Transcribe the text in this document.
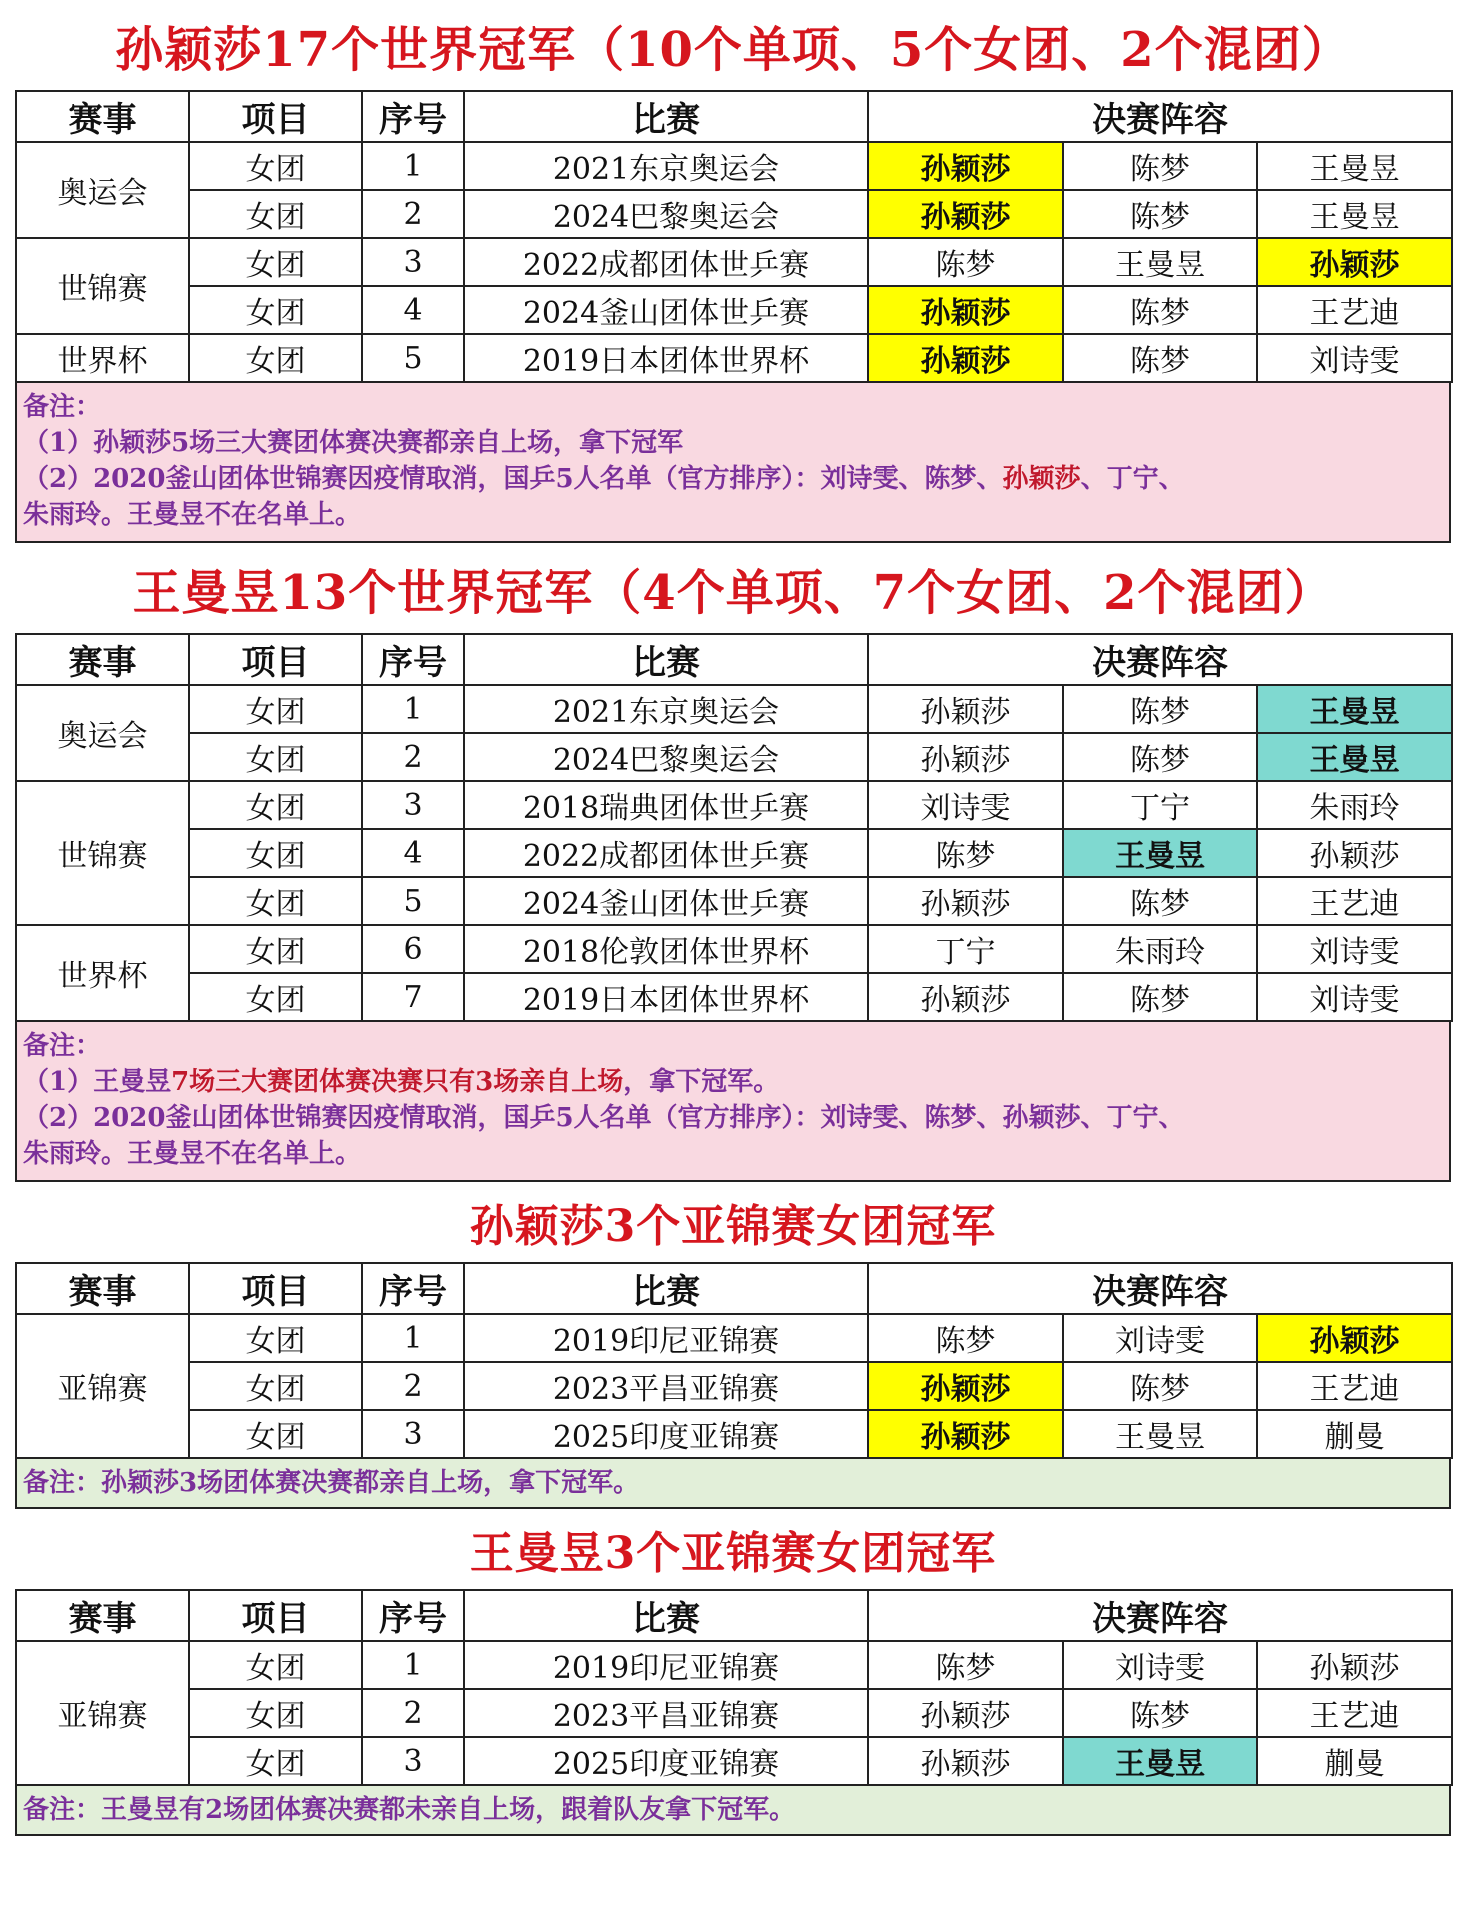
孙颖莎17个世界冠军（10个单项、5个女团、2个混团）
赛事	项目	序号	比赛	决赛阵容		
奥运会	女团	1	2021东京奥运会	孙颖莎	陈梦	王曼昱
	女团	2	2024巴黎奥运会	孙颖莎	陈梦	王曼昱
世锦赛	女团	3	2022成都团体世乒赛	陈梦	王曼昱	孙颖莎
	女团	4	2024釜山团体世乒赛	孙颖莎	陈梦	王艺迪
世界杯	女团	5	2019日本团体世界杯	孙颖莎	陈梦	刘诗雯
备注：
（1）孙颖莎5场三大赛团体赛决赛都亲自上场，拿下冠军
（2）2020釜山团体世锦赛因疫情取消，国乒5人名单（官方排序）：刘诗雯、陈梦、孙颖莎、丁宁、
朱雨玲。王曼昱不在名单上。
王曼昱13个世界冠军（4个单项、7个女团、2个混团）
赛事	项目	序号	比赛	决赛阵容		
奥运会	女团	1	2021东京奥运会	孙颖莎	陈梦	王曼昱
	女团	2	2024巴黎奥运会	孙颖莎	陈梦	王曼昱
世锦赛	女团	3	2018瑞典团体世乒赛	刘诗雯	丁宁	朱雨玲
	女团	4	2022成都团体世乒赛	陈梦	王曼昱	孙颖莎
	女团	5	2024釜山团体世乒赛	孙颖莎	陈梦	王艺迪
世界杯	女团	6	2018伦敦团体世界杯	丁宁	朱雨玲	刘诗雯
	女团	7	2019日本团体世界杯	孙颖莎	陈梦	刘诗雯
备注：
（1）王曼昱7场三大赛团体赛决赛只有3场亲自上场，拿下冠军。
（2）2020釜山团体世锦赛因疫情取消，国乒5人名单（官方排序）：刘诗雯、陈梦、孙颖莎、丁宁、
朱雨玲。王曼昱不在名单上。
孙颖莎3个亚锦赛女团冠军
赛事	项目	序号	比赛	决赛阵容		
亚锦赛	女团	1	2019印尼亚锦赛	陈梦	刘诗雯	孙颖莎
	女团	2	2023平昌亚锦赛	孙颖莎	陈梦	王艺迪
	女团	3	2025印度亚锦赛	孙颖莎	王曼昱	蒯曼
备注：孙颖莎3场团体赛决赛都亲自上场，拿下冠军。
王曼昱3个亚锦赛女团冠军
赛事	项目	序号	比赛	决赛阵容		
亚锦赛	女团	1	2019印尼亚锦赛	陈梦	刘诗雯	孙颖莎
	女团	2	2023平昌亚锦赛	孙颖莎	陈梦	王艺迪
	女团	3	2025印度亚锦赛	孙颖莎	王曼昱	蒯曼
备注：王曼昱有2场团体赛决赛都未亲自上场，跟着队友拿下冠军。
